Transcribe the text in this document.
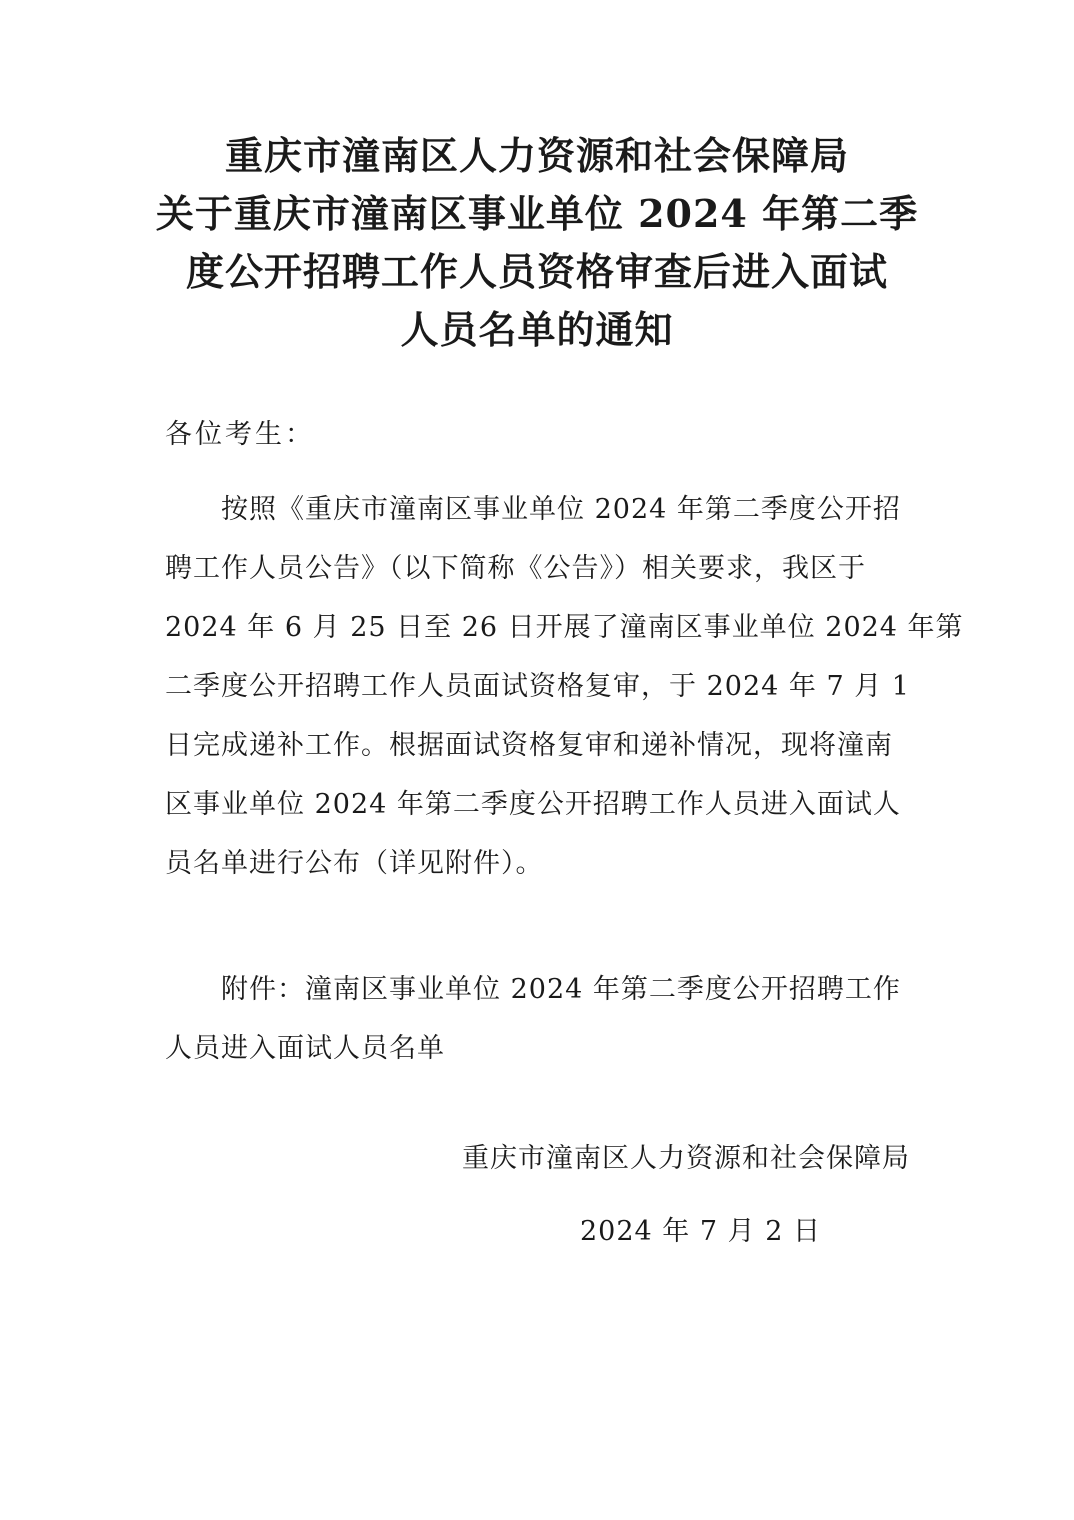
重庆市潼南区人力资源和社会保障局
关于重庆市潼南区事业单位 2024 年第二季
度公开招聘工作人员资格审查后进入面试
人员名单的通知
各位考生：
按照《重庆市潼南区事业单位 2024 年第二季度公开招
聘工作人员公告》（以下简称《公告》）相关要求，我区于
2024 年 6 月 25 日至 26 日开展了潼南区事业单位 2024 年第
二季度公开招聘工作人员面试资格复审，于 2024 年 7 月 1
日完成递补工作。根据面试资格复审和递补情况，现将潼南
区事业单位 2024 年第二季度公开招聘工作人员进入面试人
员名单进行公布（详见附件）。
附件：潼南区事业单位 2024 年第二季度公开招聘工作
人员进入面试人员名单
重庆市潼南区人力资源和社会保障局
2024 年 7 月 2 日
